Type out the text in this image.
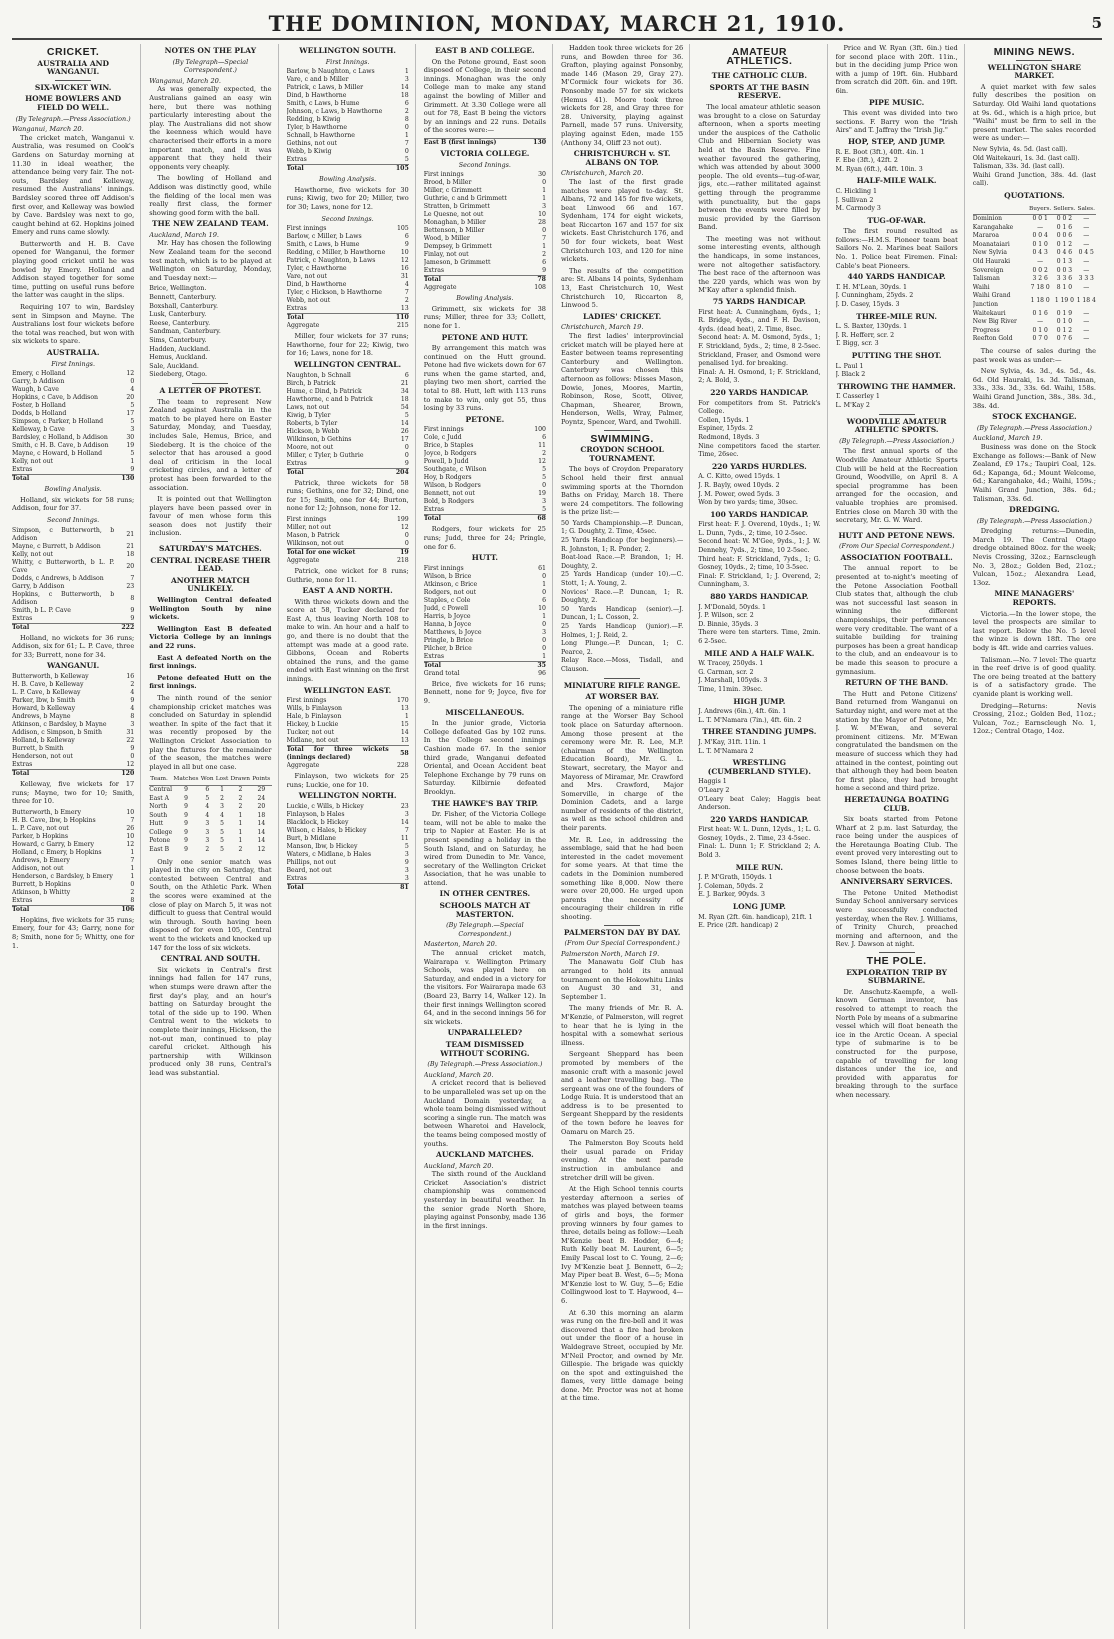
THE DOMINION, MONDAY, MARCH 21, 1910.	5
CRICKET.
AUSTRALIA AND WANGANUI.
SIX-WICKET WIN.
HOME BOWLERS AND FIELD DO WELL.
(By Telegraph.—Press Association.)
Wanganui, March 20.

The cricket match, Wanganui v. Australia, was resumed on Cook's Gardens on Saturday morning at 11.30 in ideal weather, the attendance being very fair. The not-outs, Bardsley and Kelleway, resumed the Australians' innings. Bardsley scored three off Addison's first over, and Kelleway was bowled by Cave. Bardsley was next to go, caught behind at 62. Hopkins joined Emery and runs came slowly.

Butterworth and H. B. Cave opened for Wanganui, the former playing good cricket until he was bowled by Emery. Holland and Addison stayed together for some time, putting on useful runs before the latter was caught in the slips.

Requiring 107 to win, Bardsley sent in Simpson and Mayne. The Australians lost four wickets before the total was reached, but won with six wickets to spare.

AUSTRALIA.
First Innings.
Emery, c Holland	12
Garry, b Addison	0
Waugh, b Cave	4
Hopkins, c Cave, b Addison	20
Foster, b Holland	5
Dodds, b Holland	17
Simpson, c Parker, b Holland	5
Kelleway, b Cave	3
Bardsley, c Holland, b Addison	30
Smith, c H. B. Cave, b Addison	19
Mayne, c Howard, b Holland	5
Kelly, not out	1
Extras	9
Total	130
Bowling Analysis.

Holland, six wickets for 58 runs; Addison, four for 37.

Second Innings.
Simpson, c Butterworth, b Addison	21
Mayne, c Burrett, b Addison	21
Kelly, not out	18
Whitty, c Butterworth, b L. P. Cave	20
Dodds, c Andrews, b Addison	7
Garry, b Addison	23
Hopkins, c Butterworth, b Addison	8
Smith, b L. P. Cave	9
Extras	9
Total	222

Holland, no wickets for 36 runs; Addison, six for 61; L. P. Cave, three for 33; Burrett, none for 34.

WANGANUI.
Butterworth, b Kelleway	16
H. B. Cave, b Kelleway	2
L. P. Cave, b Kelleway	4
Parker, lbw, b Smith	9
Howard, b Kelleway	4
Andrews, b Mayne	8
Atkinson, c Bardsley, b Mayne	3
Addison, c Simpson, b Smith	31
Holland, b Kelleway	22
Burrett, b Smith	9
Henderson, not out	0
Extras	12
Total	120

Kelleway, five wickets for 17 runs; Mayne, two for 10; Smith, three for 10.

Butterworth, b Emery	10
H. B. Cave, lbw, b Hopkins	7
L. P. Cave, not out	26
Parker, b Hopkins	10
Howard, c Garry, b Emery	12
Holland, c Emery, b Hopkins	1
Andrews, b Emery	7
Addison, not out	1
Henderson, c Bardsley, b Emery	1
Burrett, b Hopkins	0
Atkinson, b Whitty	2
Extras	8
Total	106

Hopkins, five wickets for 35 runs; Emery, four for 43; Garry, none for 8; Smith, none for 5; Whitty, one for 1.

NOTES ON THE PLAY
(By Telegraph—Special Correspondent.)
Wanganui, March 20.

As was generally expected, the Australians gained an easy win here, but there was nothing particularly interesting about the play. The Australians did not show the keenness which would have characterised their efforts in a more important match, and it was apparent that they held their opponents very cheaply.

The bowling of Holland and Addison was distinctly good, while the fielding of the local men was really first class, the former showing good form with the ball.

THE NEW ZEALAND TEAM.
Auckland, March 19.

Mr. Hay has chosen the following New Zealand team for the second test match, which is to be played at Wellington on Saturday, Monday, and Tuesday next:—

Brice, Wellington.
Bennett, Canterbury.
Boxshall, Canterbury.
Lusk, Canterbury.
Reese, Canterbury.
Sandman, Canterbury.
Sims, Canterbury.
Hadden, Auckland.
Hemus, Auckland.
Sale, Auckland.
Siedeberg, Otago.
A LETTER OF PROTEST.

The team to represent New Zealand against Australia in the match to be played here on Easter Saturday, Monday, and Tuesday, includes Sale, Hemus, Brice, and Siedeberg. It is the choice of the selector that has aroused a good deal of criticism in the local cricketing circles, and a letter of protest has been forwarded to the association.

It is pointed out that Wellington players have been passed over in favour of men whose form this season does not justify their inclusion.

SATURDAY'S MATCHES.
CENTRAL INCREASE THEIR LEAD.
ANOTHER MATCH UNLIKELY.

Wellington Central defeated Wellington South by nine wickets.

Wellington East B defeated Victoria College by an innings and 22 runs.

East A defeated North on the first innings.

Petone defeated Hutt on the first innings.

The ninth round of the senior championship cricket matches was concluded on Saturday in splendid weather. In spite of the fact that it was recently proposed by the Wellington Cricket Association to play the fixtures for the remainder of the season, the matches were played in all but one case.

Team.	Matches	Won	Lost	Drawn	Points
Central	9	6	1	2	29
East A	9	5	2	2	24
North	9	4	3	2	20
South	9	4	4	1	18
Hutt	9	3	5	1	14
College	9	3	5	1	14
Petone	9	3	5	1	14
East B	9	2	5	2	12

Only one senior match was played in the city on Saturday, that contested between Central and South, on the Athletic Park. When the scores were examined at the close of play on March 5, it was not difficult to guess that Central would win through. South having been disposed of for even 105, Central went to the wickets and knocked up 147 for the loss of six wickets.

CENTRAL AND SOUTH.

Six wickets in Central's first innings had fallen for 147 runs, when stumps were drawn after the first day's play, and an hour's batting on Saturday brought the total of the side up to 190. When Central went to the wickets to complete their innings, Hickson, the not-out man, continued to play careful cricket. Although his partnership with Wilkinson produced only 38 runs, Central's lead was substantial.

WELLINGTON SOUTH.
First Innings.
Barlow, b Naughton, c Laws	1
Vare, c and b Miller	3
Patrick, c Laws, b Miller	14
Dind, b Hawthorne	18
Smith, c Laws, b Hume	6
Johnson, c Laws, b Hawthorne	2
Redding, b Kiwig	8
Tyler, b Hawthorne	0
Schnall, b Hawthorne	1
Gethins, not out	7
Webb, b Kiwig	0
Extras	5
Total	105
Bowling Analysis.

Hawthorne, five wickets for 30 runs; Kiwig, two for 20; Miller, two for 30; Laws, none for 12.

Second Innings.
First innings	105
Barlow, c Miller, b Laws	6
Smith, c Laws, b Hume	9
Redding, c Miller, b Hawthorne	10
Patrick, c Naughton, b Laws	12
Tyler, c Hawthorne	16
Vare, not out	31
Dind, b Hawthorne	4
Tyler, c Hickson, b Hawthorne	7
Webb, not out	2
Extras	13
Total	110
Aggregate	215

Miller, four wickets for 37 runs; Hawthorne, four for 22; Kiwig, two for 16; Laws, none for 18.

WELLINGTON CENTRAL.
Naughton, b Schnall	6
Birch, b Patrick	21
Hume, c Dind, b Patrick	34
Hawthorne, c and b Patrick	18
Laws, not out	54
Kiwig, b Tyler	5
Roberts, b Tyler	14
Hickson, b Webb	26
Wilkinson, b Gethins	17
Moore, not out	0
Miller, c Tyler, b Guthrie	0
Extras	9
Total	204

Patrick, three wickets for 58 runs; Gethins, one for 32; Dind, one for 15; Smith, one for 44; Burton, none for 12; Johnson, none for 12.

First innings	199
Miller, not out	12
Mason, b Patrick	0
Wilkinson, not out	0
Total for one wicket	19
Aggregate	218

Patrick, one wicket for 8 runs; Guthrie, none for 11.

EAST A AND NORTH.

With three wickets down and the score at 58, Tucker declared for East A, thus leaving North 108 to make to win. An hour and a half to go, and there is no doubt that the attempt was made at a good rate. Gibbons, Ocean and Roberts obtained the runs, and the game ended with East winning on the first innings.

WELLINGTON EAST.
First innings	170
Wills, b Finlayson	13
Hale, b Finlayson	1
Hickey, b Luckie	15
Tucker, not out	14
Midlane, not out	13
Total for three wickets (innings declared)	58
Aggregate	228

Finlayson, two wickets for 25 runs; Luckie, one for 10.

WELLINGTON NORTH.
Luckie, c Wills, b Hickey	23
Finlayson, b Hales	3
Blacklock, b Hickey	14
Wilson, c Hales, b Hickey	7
Burt, b Midlane	11
Manson, lbw, b Hickey	5
Waters, c Midlane, b Hales	3
Phillips, not out	9
Beard, not out	3
Extras	3
Total	81
EAST B AND COLLEGE.

On the Petone ground, East soon disposed of College, in their second innings. Monaghan was the only College man to make any stand against the bowling of Miller and Grimmett. At 3.30 College were all out for 78, East B being the victors by an innings and 22 runs. Details of the scores were:—

East B (first innings)	130
VICTORIA COLLEGE.
Second Innings.
First innings	30
Brood, b Miller	0
Miller, c Grimmett	1
Guthrie, c and b Grimmett	1
Stratten, b Grimmett	3
Le Quesne, not out	10
Monaghan, b Miller	28
Bettenson, b Miller	0
Wood, b Miller	7
Dempsey, b Grimmett	1
Finlay, not out	2
Jameson, b Grimmett	6
Extras	9
Total	78
Aggregate	108
Bowling Analysis.

Grimmett, six wickets for 38 runs; Miller, three for 33; Collett, none for 1.

PETONE AND HUTT.

By arrangement this match was continued on the Hutt ground. Petone had five wickets down for 67 runs when the game started, and, playing two men short, carried the total to 88. Hutt, left with 113 runs to make to win, only got 55, thus losing by 33 runs.

PETONE.
First innings	100
Cole, c Judd	6
Brice, b Staples	11
Joyce, b Rodgers	2
Powell, b Judd	12
Southgate, c Wilson	5
Hoy, b Rodgers	5
Wilson, b Rodgers	0
Bennett, not out	19
Bold, b Rodgers	3
Extras	5
Total	68

Rodgers, four wickets for 25 runs; Judd, three for 24; Pringle, one for 6.

HUTT.
First innings	61
Wilson, b Brice	0
Atkinson, c Brice	1
Rodgers, not out	0
Staples, c Cole	6
Judd, c Powell	10
Harris, b Joyce	1
Hanna, b Joyce	0
Matthews, b Joyce	3
Pringle, b Brice	0
Pilcher, b Brice	0
Extras	1
Total	35
Grand total	96

Brice, five wickets for 16 runs; Bennett, none for 9; Joyce, five for 9.

MISCELLANEOUS.

In the junior grade, Victoria College defeated Gas by 102 runs. In the College second innings Cashion made 67. In the senior third grade, Wanganui defeated Oriental, and Ocean Accident beat Telephone Exchange by 79 runs on Saturday. Kilbirnie defeated Brooklyn.

THE HAWKE'S BAY TRIP.

Dr. Fisher, of the Victoria College team, will not be able to make the trip to Napier at Easter. He is at present spending a holiday in the South Island, and on Saturday, he wired from Dunedin to Mr. Vance, secretary of the Wellington Cricket Association, that he was unable to attend.

IN OTHER CENTRES.
SCHOOLS MATCH AT MASTERTON.
(By Telegraph.—Special Correspondent.)
Masterton, March 20.

The annual cricket match, Wairarapa v. Wellington Primary Schools, was played here on Saturday, and ended in a victory for the visitors. For Wairarapa made 63 (Board 23, Barry 14, Walker 12). In their first innings Wellington scored 64, and in the second innings 56 for six wickets.

UNPARALLELED?
TEAM DISMISSED WITHOUT SCORING.
(By Telegraph.—Press Association.)
Auckland, March 20.

A cricket record that is believed to be unparalleled was set up on the Auckland Domain yesterday, a whole team being dismissed without scoring a single run. The match was between Wharetoi and Havelock, the teams being composed mostly of youths.

AUCKLAND MATCHES.
Auckland, March 20.

The sixth round of the Auckland Cricket Association's district championship was commenced yesterday in beautiful weather. In the senior grade North Shore, playing against Ponsonby, made 136 in the first innings.

Hadden took three wickets for 26 runs, and Bowden three for 36. Grafton, playing against Ponsonby, made 146 (Mason 29, Gray 27). M'Cormick four wickets for 36. Ponsonby made 57 for six wickets (Hemus 41). Moore took three wickets for 28, and Gray three for 28. University, playing against Parnell, made 57 runs. University, playing against Eden, made 155 (Anthony 34, Oliff 23 not out).

CHRISTCHURCH v. ST. ALBANS ON TOP.
Christchurch, March 20.

The last of the first grade matches were played to-day. St. Albans, 72 and 145 for five wickets, beat Linwood 66 and 167. Sydenham, 174 for eight wickets, beat Riccarton 167 and 157 for six wickets. East Christchurch 176, and 50 for four wickets, beat West Christchurch 103, and 120 for nine wickets.

The results of the competition are: St. Albans 14 points, Sydenham 13, East Christchurch 10, West Christchurch 10, Riccarton 8, Linwood 5.

LADIES' CRICKET.
Christchurch, March 19.

The first ladies' interprovincial cricket match will be played here at Easter between teams representing Canterbury and Wellington. Canterbury was chosen this afternoon as follows: Misses Mason, Dowie, Jones, Moores, Martin, Robinson, Rose, Scott, Oliver, Chapman, Shearer, Brown, Henderson, Wells, Wray, Palmer, Poyntz, Spencer, Ward, and Twohill.

SWIMMING.
CROYDON SCHOOL TOURNAMENT.

The boys of Croydon Preparatory School held their first annual swimming sports at the Thorndon Baths on Friday, March 18. There were 24 competitors. The following is the prize list:—

50 Yards Championship.—P. Duncan, 1; G. Doughty, 2. Time, 45sec.
25 Yards Handicap (for beginners).—R. Johnston, 1; R. Ponder, 2.
Boat-load Race.—P. Brandon, 1; H. Doughty, 2.
25 Yards Handicap (under 10).—C. Stott, 1; A. Young, 2.
Novices' Race.—P. Duncan, 1; R. Doughty, 2.
50 Yards Handicap (senior).—J. Duncan, 1; L. Cosson, 2.
25 Yards Handicap (junior).—F. Holmes, 1; J. Reid, 2.
Long Plunge.—P. Duncan, 1; C. Pearce, 2.
Relay Race.—Moss, Tisdall, and Clauson.
MINIATURE RIFLE RANGE.
AT WORSER BAY.

The opening of a miniature rifle range at the Worser Bay School took place on Saturday afternoon. Among those present at the ceremony were Mr. R. Lee, M.P. (chairman of the Wellington Education Board), Mr. G. L. Stewart, secretary, the Mayor and Mayoress of Miramar, Mr. Crawford and Mrs. Crawford, Major Somerville, in charge of the Dominion Cadets, and a large number of residents of the district, as well as the school children and their parents.

Mr. R. Lee, in addressing the assemblage, said that he had been interested in the cadet movement for some years. At that time the cadets in the Dominion numbered something like 8,000. Now there were over 20,000. He urged upon parents the necessity of encouraging their children in rifle shooting.

PALMERSTON DAY BY DAY.
(From Our Special Correspondent.)
Palmerston North, March 19.

The Manawatu Golf Club has arranged to hold its annual tournament on the Hokowhitu Links on August 30 and 31, and September 1.

The many friends of Mr. R. A. M'Kenzie, of Palmerston, will regret to hear that he is lying in the hospital with a somewhat serious illness.

Sergeant Sheppard has been promoted by members of the masonic craft with a masonic jewel and a leather travelling bag. The sergeant was one of the founders of Lodge Ruia. It is understood that an address is to be presented to Sergeant Sheppard by the residents of the town before he leaves for Oamaru on March 25.

The Palmerston Boy Scouts held their usual parade on Friday evening. At the next parade instruction in ambulance and stretcher drill will be given.

At the High School tennis courts yesterday afternoon a series of matches was played between teams of girls and boys, the former proving winners by four games to three, details being as follow:—Leah M'Kenzie beat B. Hodder, 6—4; Ruth Kelly beat M. Laurent, 6—5; Emily Pascal lost to C. Young, 2—6; Ivy M'Kenzie beat J. Bennett, 6—2; May Piper beat B. West, 6—5; Mona M'Kenzie lost to W. Guy, 5—6; Edie Collingwood lost to T. Haywood, 4—6.

At 6.30 this morning an alarm was rung on the fire-bell and it was discovered that a fire had broken out under the floor of a house in Waldegrave Street, occupied by Mr. M'Neil Proctor, and owned by Mr. Gillespie. The brigade was quickly on the spot and extinguished the flames, very little damage being done. Mr. Proctor was not at home at the time.

AMATEUR ATHLETICS.
THE CATHOLIC CLUB.
SPORTS AT THE BASIN RESERVE.

The local amateur athletic season was brought to a close on Saturday afternoon, when a sports meeting under the auspices of the Catholic Club and Hibernian Society was held at the Basin Reserve. Fine weather favoured the gathering, which was attended by about 3000 people. The old events—tug-of-war, jigs, etc.—rather militated against getting through the programme with punctuality, but the gaps between the events were filled by music provided by the Garrison Band.

The meeting was not without some interesting events, although the handicaps, in some instances, were not altogether satisfactory. The best race of the afternoon was the 220 yards, which was won by M'Kay after a splendid finish.

75 YARDS HANDICAP.
First heat: A. Cunningham, 6yds., 1; R. Bridge, 4yds., and F. H. Davison, 4yds. (dead heat), 2. Time, 8sec.
Second heat: A. M. Osmond, 5yds., 1; F. Strickland, 5yds., 2; time, 8 2-5sec. Strickland, Fraser, and Osmond were penalised 1yd. for breaking.
Final: A. H. Osmond, 1; F. Strickland, 2; A. Bold, 3.
220 YARDS HANDICAP.
For competitors from St. Patrick's College.
Collen, 15yds. 1
Espiner, 15yds. 2
Redmond, 18yds. 3
Nine competitors faced the starter. Time, 26sec.
220 YARDS HURDLES.
A. C. Kitto, owed 15yds. 1
J. R. Bayly, owed 10yds. 2
J. M. Power, owed 5yds. 3
Won by two yards; time, 30sec.
100 YARDS HANDICAP.
First heat: F. J. Overend, 10yds., 1; W. L. Dunn, 7yds., 2; time, 10 2-5sec.
Second heat: W. M'Gee, 9yds., 1; J. W. Dennehy, 7yds., 2; time, 10 2-5sec.
Third heat: F. Strickland, 7yds., 1; G. Gosney, 10yds., 2; time, 10 3-5sec.
Final: F. Strickland, 1; J. Overend, 2; Cunningham, 3.
880 YARDS HANDICAP.
J. M'Donald, 50yds. 1
J. P. Wilson, scr. 2
D. Binnie, 35yds. 3
There were ten starters. Time, 2min. 6 2-5sec.
MILE AND A HALF WALK.
W. Tracey, 250yds. 1
G. Carman, scr. 2
J. Marshall, 105yds. 3
Time, 11min. 39sec.
HIGH JUMP.
J. Andrews (6in.), 4ft. 6in. 1
L. T. M'Namara (7in.), 4ft. 6in. 2
THREE STANDING JUMPS.
J. M'Kay, 31ft. 11in. 1
L. T. M'Namara 2
WRESTLING (CUMBERLAND STYLE).
Haggis 1
O'Leary 2
O'Leary beat Caley; Haggis beat Anderson.
220 YARDS HANDICAP.
First heat: W. L. Dunn, 12yds., 1; L. G. Gosney, 10yds., 2. Time, 23 4-5sec.
Final: L. Dunn 1; F. Strickland 2; A. Bold 3.
MILE RUN.
J. P. M'Grath, 150yds. 1
J. Coleman, 50yds. 2
E. J. Barker, 90yds. 3
LONG JUMP.
M. Ryan (2ft. 6in. handicap), 21ft. 1
E. Price (2ft. handicap) 2

Price and W. Ryan (3ft. 6in.) tied for second place with 20ft. 11in., but in the deciding jump Price won with a jump of 19ft. 6in. Hubbard from scratch did 20ft. 6in. and 19ft. 6in.

PIPE MUSIC.

This event was divided into two sections. F. Barry won the "Irish Airs" and T. Jaffray the "Irish Jig."

HOP, STEP, AND JUMP.
R. E. Boot (3ft.), 40ft. 4in. 1
F. Ebe (3ft.), 42ft. 2
M. Ryan (6ft.), 44ft. 10in. 3
HALF-MILE WALK.
C. Hickling 1
J. Sullivan 2
M. Carmody 3
TUG-OF-WAR.

The first round resulted as follows:—H.M.S. Pioneer team beat Sailors No. 2. Marines beat Sailors No. 1. Police beat Firemen. Final: Cable's beat Pioneers.

440 YARDS HANDICAP.
T. H. M'Lean, 30yds. 1
J. Cunningham, 25yds. 2
J. D. Casey, 15yds. 3
THREE-MILE RUN.
L. S. Baxter, 130yds. 1
J. R. Hefferr, scr. 2
T. Bigg, scr. 3
PUTTING THE SHOT.
L. Paul 1
J. Black 2
THROWING THE HAMMER.
T. Casserley 1
L. M'Kay 2
WOODVILLE AMATEUR ATHLETIC SPORTS.
(By Telegraph.—Press Association.)

The first annual sports of the Woodville Amateur Athletic Sports Club will be held at the Recreation Ground, Woodville, on April 8. A special programme has been arranged for the occasion, and valuable trophies are promised. Entries close on March 30 with the secretary, Mr. G. W. Ward.

HUTT AND PETONE NEWS.
(From Our Special Correspondent.)
ASSOCIATION FOOTBALL.

The annual report to be presented at to-night's meeting of the Petone Association Football Club states that, although the club was not successful last season in winning the different championships, their performances were very creditable. The want of a suitable building for training purposes has been a great handicap to the club, and an endeavour is to be made this season to procure a gymnasium.

RETURN OF THE BAND.

The Hutt and Petone Citizens' Band returned from Wanganui on Saturday night, and were met at the station by the Mayor of Petone, Mr. J. W. M'Ewan, and several prominent citizens. Mr. M'Ewan congratulated the bandsmen on the measure of success which they had attained in the contest, pointing out that although they had been beaten for first place, they had brought home a second and third prize.

HERETAUNGA BOATING CLUB.

Six boats started from Petone Wharf at 2 p.m. last Saturday, the race being under the auspices of the Heretaunga Boating Club. The event proved very interesting out to Somes Island, there being little to choose between the boats.

ANNIVERSARY SERVICES.

The Petone United Methodist Sunday School anniversary services were successfully conducted yesterday, when the Rev. J. Williams, of Trinity Church, preached morning and afternoon, and the Rev. J. Dawson at night.

THE POLE.
EXPLORATION TRIP BY SUBMARINE.

Dr. Anschutz-Kaempfe, a well-known German inventor, has resolved to attempt to reach the North Pole by means of a submarine vessel which will float beneath the ice in the Arctic Ocean. A special type of submarine is to be constructed for the purpose, capable of travelling for long distances under the ice, and provided with apparatus for breaking through to the surface when necessary.

MINING NEWS.
WELLINGTON SHARE MARKET.

A quiet market with few sales fully describes the position on Saturday. Old Waihi land quotations at 9s. 6d., which is a high price, but "Waihi" must be firm to sell in the present market. The sales recorded were as under:—

New Sylvia, 4s. 5d. (last call).
Old Waitekauri, 1s. 3d. (last call).
Talisman, 33s. 3d. (last call).
Waihi Grand Junction, 38s. 4d. (last call).
QUOTATIONS.
	Buyers.	Sellers.	Sales.
Dominion	0 0 1	0 0 2	—
Karangahake	—	0 1 6	—
Mararoa	0 0 4	0 0 6	—
Moanataiari	0 1 0	0 1 2	—
New Sylvia	0 4 3	0 4 6	0 4 5
Old Hauraki	—	0 1 3	—
Sovereign	0 0 2	0 0 3	—
Talisman	3 2 6	3 3 6	3 3 3
Waihi	7 18 0	8 1 0	—
Waihi Grand Junction	1 18 0	1 19 0	1 18 4
Waitekauri	0 1 6	0 1 9	—
New Big River	—	0 1 0	—
Progress	0 1 0	0 1 2	—
Reefton Gold	0 7 0	0 7 6	—

The course of sales during the past week was as under:—

New Sylvia, 4s. 3d., 4s. 5d., 4s. 6d. Old Hauraki, 1s. 3d. Talisman, 33s., 33s. 3d., 33s. 6d. Waihi, 158s. Waihi Grand Junction, 38s., 38s. 3d., 38s. 4d.

STOCK EXCHANGE.
(By Telegraph.—Press Association.)
Auckland, March 19.

Business was done on the Stock Exchange as follows:—Bank of New Zealand, £9 17s.; Taupiri Coal, 12s. 6d.; Kapanga, 6d.; Mount Welcome, 6d.; Karangahake, 4d.; Waihi, 159s.; Waihi Grand Junction, 38s. 6d.; Talisman, 33s. 6d.

DREDGING.
(By Telegraph.—Press Association.)

Dredging returns:—Dunedin, March 19. The Central Otago dredge obtained 80oz. for the week; Nevis Crossing, 32oz.; Earnscleugh No. 3, 28oz.; Golden Bed, 21oz.; Vulcan, 15oz.; Alexandra Lead, 13oz.

MINE MANAGERS' REPORTS.

Victoria.—In the lower stope, the level the prospects are similar to last report. Below the No. 5 level the winze is down 18ft. The ore body is 4ft. wide and carries values.

Talisman.—No. 7 level: The quartz in the reef drive is of good quality. The ore being treated at the battery is of a satisfactory grade. The cyanide plant is working well.

Dredging—Returns: Nevis Crossing, 21oz.; Golden Bed, 11oz.; Vulcan, 7oz.; Earnscleugh No. 1, 12oz.; Central Otago, 14oz.
